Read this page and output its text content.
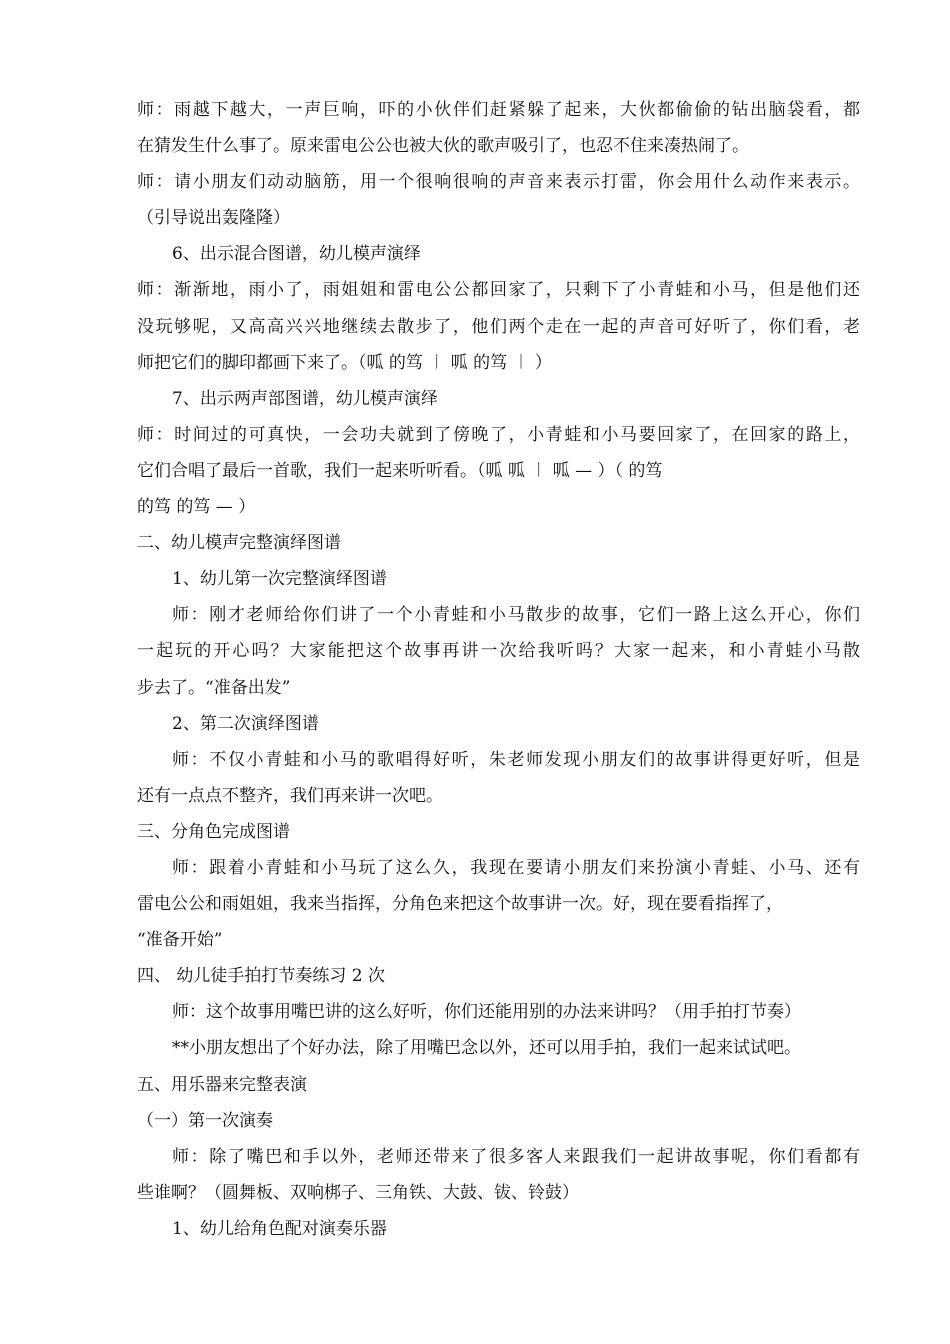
师：雨越下越大，一声巨响，吓的小伙伴们赶紧躲了起来，大伙都偷偷的钻出脑袋看，都
在猜发生什么事了。原来雷电公公也被大伙的歌声吸引了，也忍不住来凑热闹了。
师：请小朋友们动动脑筋，用一个很响很响的声音来表示打雷，你会用什么动作来表示。
（引导说出轰隆隆）
6、出示混合图谱，幼儿模声演绎
师：渐渐地，雨小了，雨姐姐和雷电公公都回家了，只剩下了小青蛙和小马，但是他们还
没玩够呢，又高高兴兴地继续去散步了，他们两个走在一起的声音可好听了，你们看，老
师把它们的脚印都画下来了。（呱 的笃 ︱ 呱 的笃 ︱ ）
7、出示两声部图谱，幼儿模声演绎
师：时间过的可真快，一会功夫就到了傍晚了，小青蛙和小马要回家了，在回家的路上，
它们合唱了最后一首歌，我们一起来听听看。（呱 呱 ︱ 呱 — ）（ 的笃
的笃 的笃 — ）
二、幼儿模声完整演绎图谱
1、幼儿第一次完整演绎图谱
师：刚才老师给你们讲了一个小青蛙和小马散步的故事，它们一路上这么开心，你们
一起玩的开心吗？大家能把这个故事再讲一次给我听吗？大家一起来，和小青蛙小马散
步去了。“准备出发”
2、第二次演绎图谱
师：不仅小青蛙和小马的歌唱得好听，朱老师发现小朋友们的故事讲得更好听，但是
还有一点点不整齐，我们再来讲一次吧。
三、分角色完成图谱
师：跟着小青蛙和小马玩了这么久，我现在要请小朋友们来扮演小青蛙、小马、还有
雷电公公和雨姐姐，我来当指挥，分角色来把这个故事讲一次。好，现在要看指挥了，
“准备开始”
四、 幼儿徒手拍打节奏练习 2 次
师：这个故事用嘴巴讲的这么好听，你们还能用别的办法来讲吗？（用手拍打节奏）
**小朋友想出了个好办法，除了用嘴巴念以外，还可以用手拍，我们一起来试试吧。
五、用乐器来完整表演
（一）第一次演奏
师：除了嘴巴和手以外，老师还带来了很多客人来跟我们一起讲故事呢，你们看都有
些谁啊？（圆舞板、双响梆子、三角铁、大鼓、钹、铃鼓）
1、幼儿给角色配对演奏乐器
